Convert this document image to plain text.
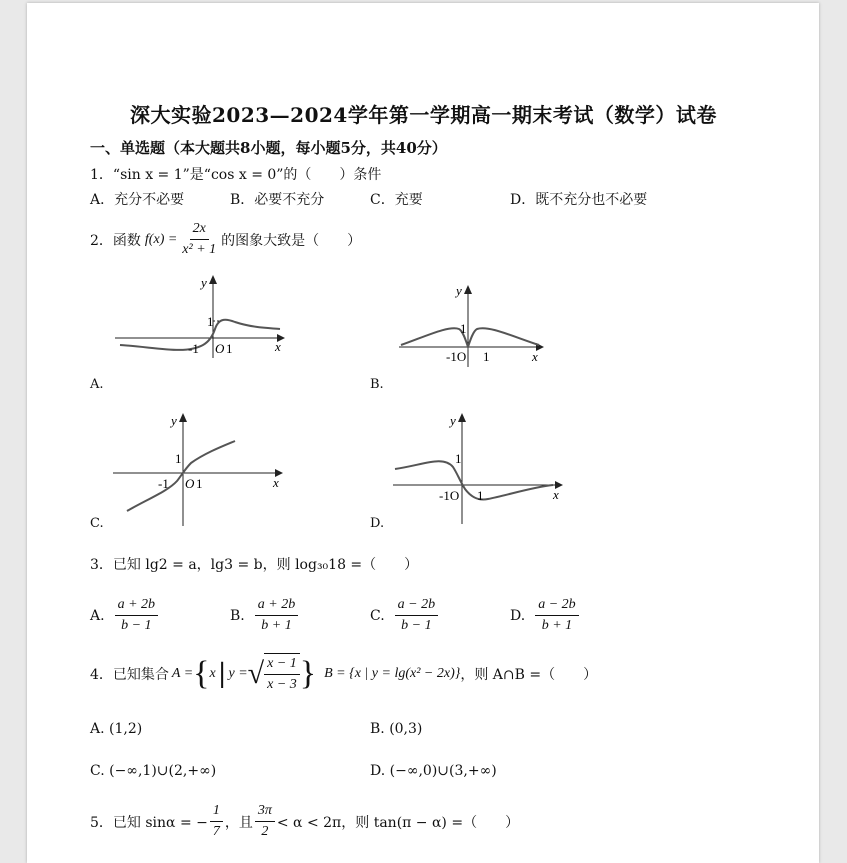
深大实验2023—2024学年第一学期高一期末考试（数学）试卷
一、单选题（本大题共8小题，每小题5分，共40分）
1．“sin x = 1”是“cos x = 0”的（　　）条件
A．充分不必要	B．必要不充分	C．充要	D．既不充分也不必要
2．函数 $f(x) = \frac{2x}{\text{x² + 1}}$ 的图象大致是（　　）
y
1
-1 O 1	x
A.
y
1
-1O 1	x
B.
y
1
-1 O 1	x
C.
y
1
-1O 1	x
D.
3．已知 lg2 = a，lg3 = b，则 log₃₀18 =（　　）
A. $\frac{a + 2b}{b - 1}$	B. $\frac{a + 2b}{b + 1}$	C. $\frac{a - 2b}{b - 1}$	D. $\frac{a - 2b}{b + 1}$
4．已知集合 A = { x | y = √ $\frac{x - 1}{x - 3}$ } B = {x | y = lg(x² − 2x)} ，则 A∩B =（　　）
A. (1,2)	B. (0,3)
C. (−∞,1)∪(2,+∞)	D. (−∞,0)∪(3,+∞)
5．已知 sinα = − $\frac{1}{7}$ ，且 $\frac{3\pi}{2} < \alpha < 2\pi$，则 tan(π − α) =（　　）
